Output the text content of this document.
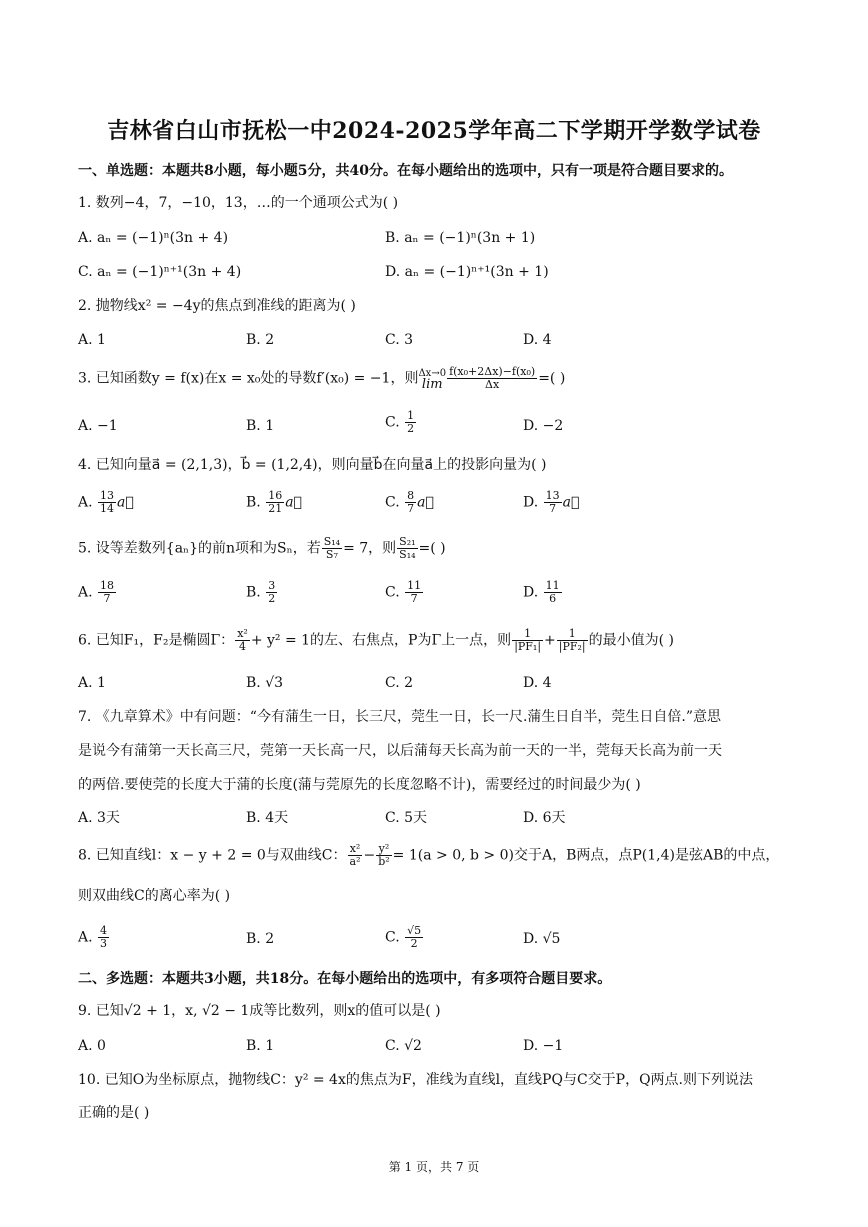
吉林省白山市抚松一中2024-2025学年高二下学期开学数学试卷
一、单选题：本题共8小题，每小题5分，共40分。在每小题给出的选项中，只有一项是符合题目要求的。
1. 数列−4，7，−10，13，…的一个通项公式为( )
A. aₙ = (−1)ⁿ(3n + 4)	B. aₙ = (−1)ⁿ(3n + 1)
C. aₙ = (−1)ⁿ⁺¹(3n + 4)	D. aₙ = (−1)ⁿ⁺¹(3n + 1)
2. 抛物线x² = −4y的焦点到准线的距离为( )
A. 1	B. 2	C. 3	D. 4
3. 已知函数y = f(x)在x = x₀处的导数f′(x₀) = −1，则 Δx→0
$\lim \frac{\text{f(x₀+2Δx)−f(x₀)}}{\Delta x}$ =( )
A. −1	B. 1	C. $\frac{1}{2}$	D. −2
4. 已知向量a⃗ = (2,1,3)，b⃗ = (1,2,4)，则向量b⃗在向量a⃗上的投影向量为( )
A. $\frac{13}{14}$ a⃗	B. $\frac{16}{21}$ a⃗	C. $\frac{8}{7}$ a⃗	D. $\frac{13}{7}$ a⃗
5. 设等差数列{aₙ}的前n项和为Sₙ，若 $\frac{\text{S₁₄}}{\text{S₇}} = 7$，则 $\frac{\text{S₂₁}}{\text{S₁₄}}$ =( )
A. $\frac{18}{7}$	B. $\frac{3}{2}$	C. $\frac{11}{7}$	D. $\frac{11}{6}$
6. 已知F₁，F₂是椭圆Γ： $\frac{\text{x²}}{4} + y^2 = 1$的左、右焦点，P为Γ上一点，则 $\frac{1}{\text{|PF₁|}} + \frac{1}{\text{|PF₂|}}$ 的最小值为( )
A. 1	B. √3	C. 2	D. 4
7. 《九章算术》中有问题：“今有蒲生一日，长三尺，莞生一日，长一尺.蒲生日自半，莞生日自倍.”意思
是说今有蒲第一天长高三尺，莞第一天长高一尺，以后蒲每天长高为前一天的一半，莞每天长高为前一天
的两倍.要使莞的长度大于蒲的长度(蒲与莞原先的长度忽略不计)，需要经过的时间最少为( )
A. 3天	B. 4天	C. 5天	D. 6天
8. 已知直线l：x − y + 2 = 0与双曲线C： $\frac{\text{x²}}{\text{a²}} - \frac{\text{y²}}{\text{b²}} = 1(a > 0$, b > 0)交于A，B两点，点P(1,4)是弦AB的中点，
则双曲线C的离心率为( )
A. $\frac{4}{3}$	B. 2	C. $\frac{√5}{2}$	D. √5
二、多选题：本题共3小题，共18分。在每小题给出的选项中，有多项符合题目要求。
9. 已知√2 + 1，x, √2 − 1成等比数列，则x的值可以是( )
A. 0	B. 1	C. √2	D. −1
10. 已知O为坐标原点，抛物线C：y² = 4x的焦点为F，准线为直线l，直线PQ与C交于P，Q两点.则下列说法
正确的是( )
第 1 页，共 7 页
